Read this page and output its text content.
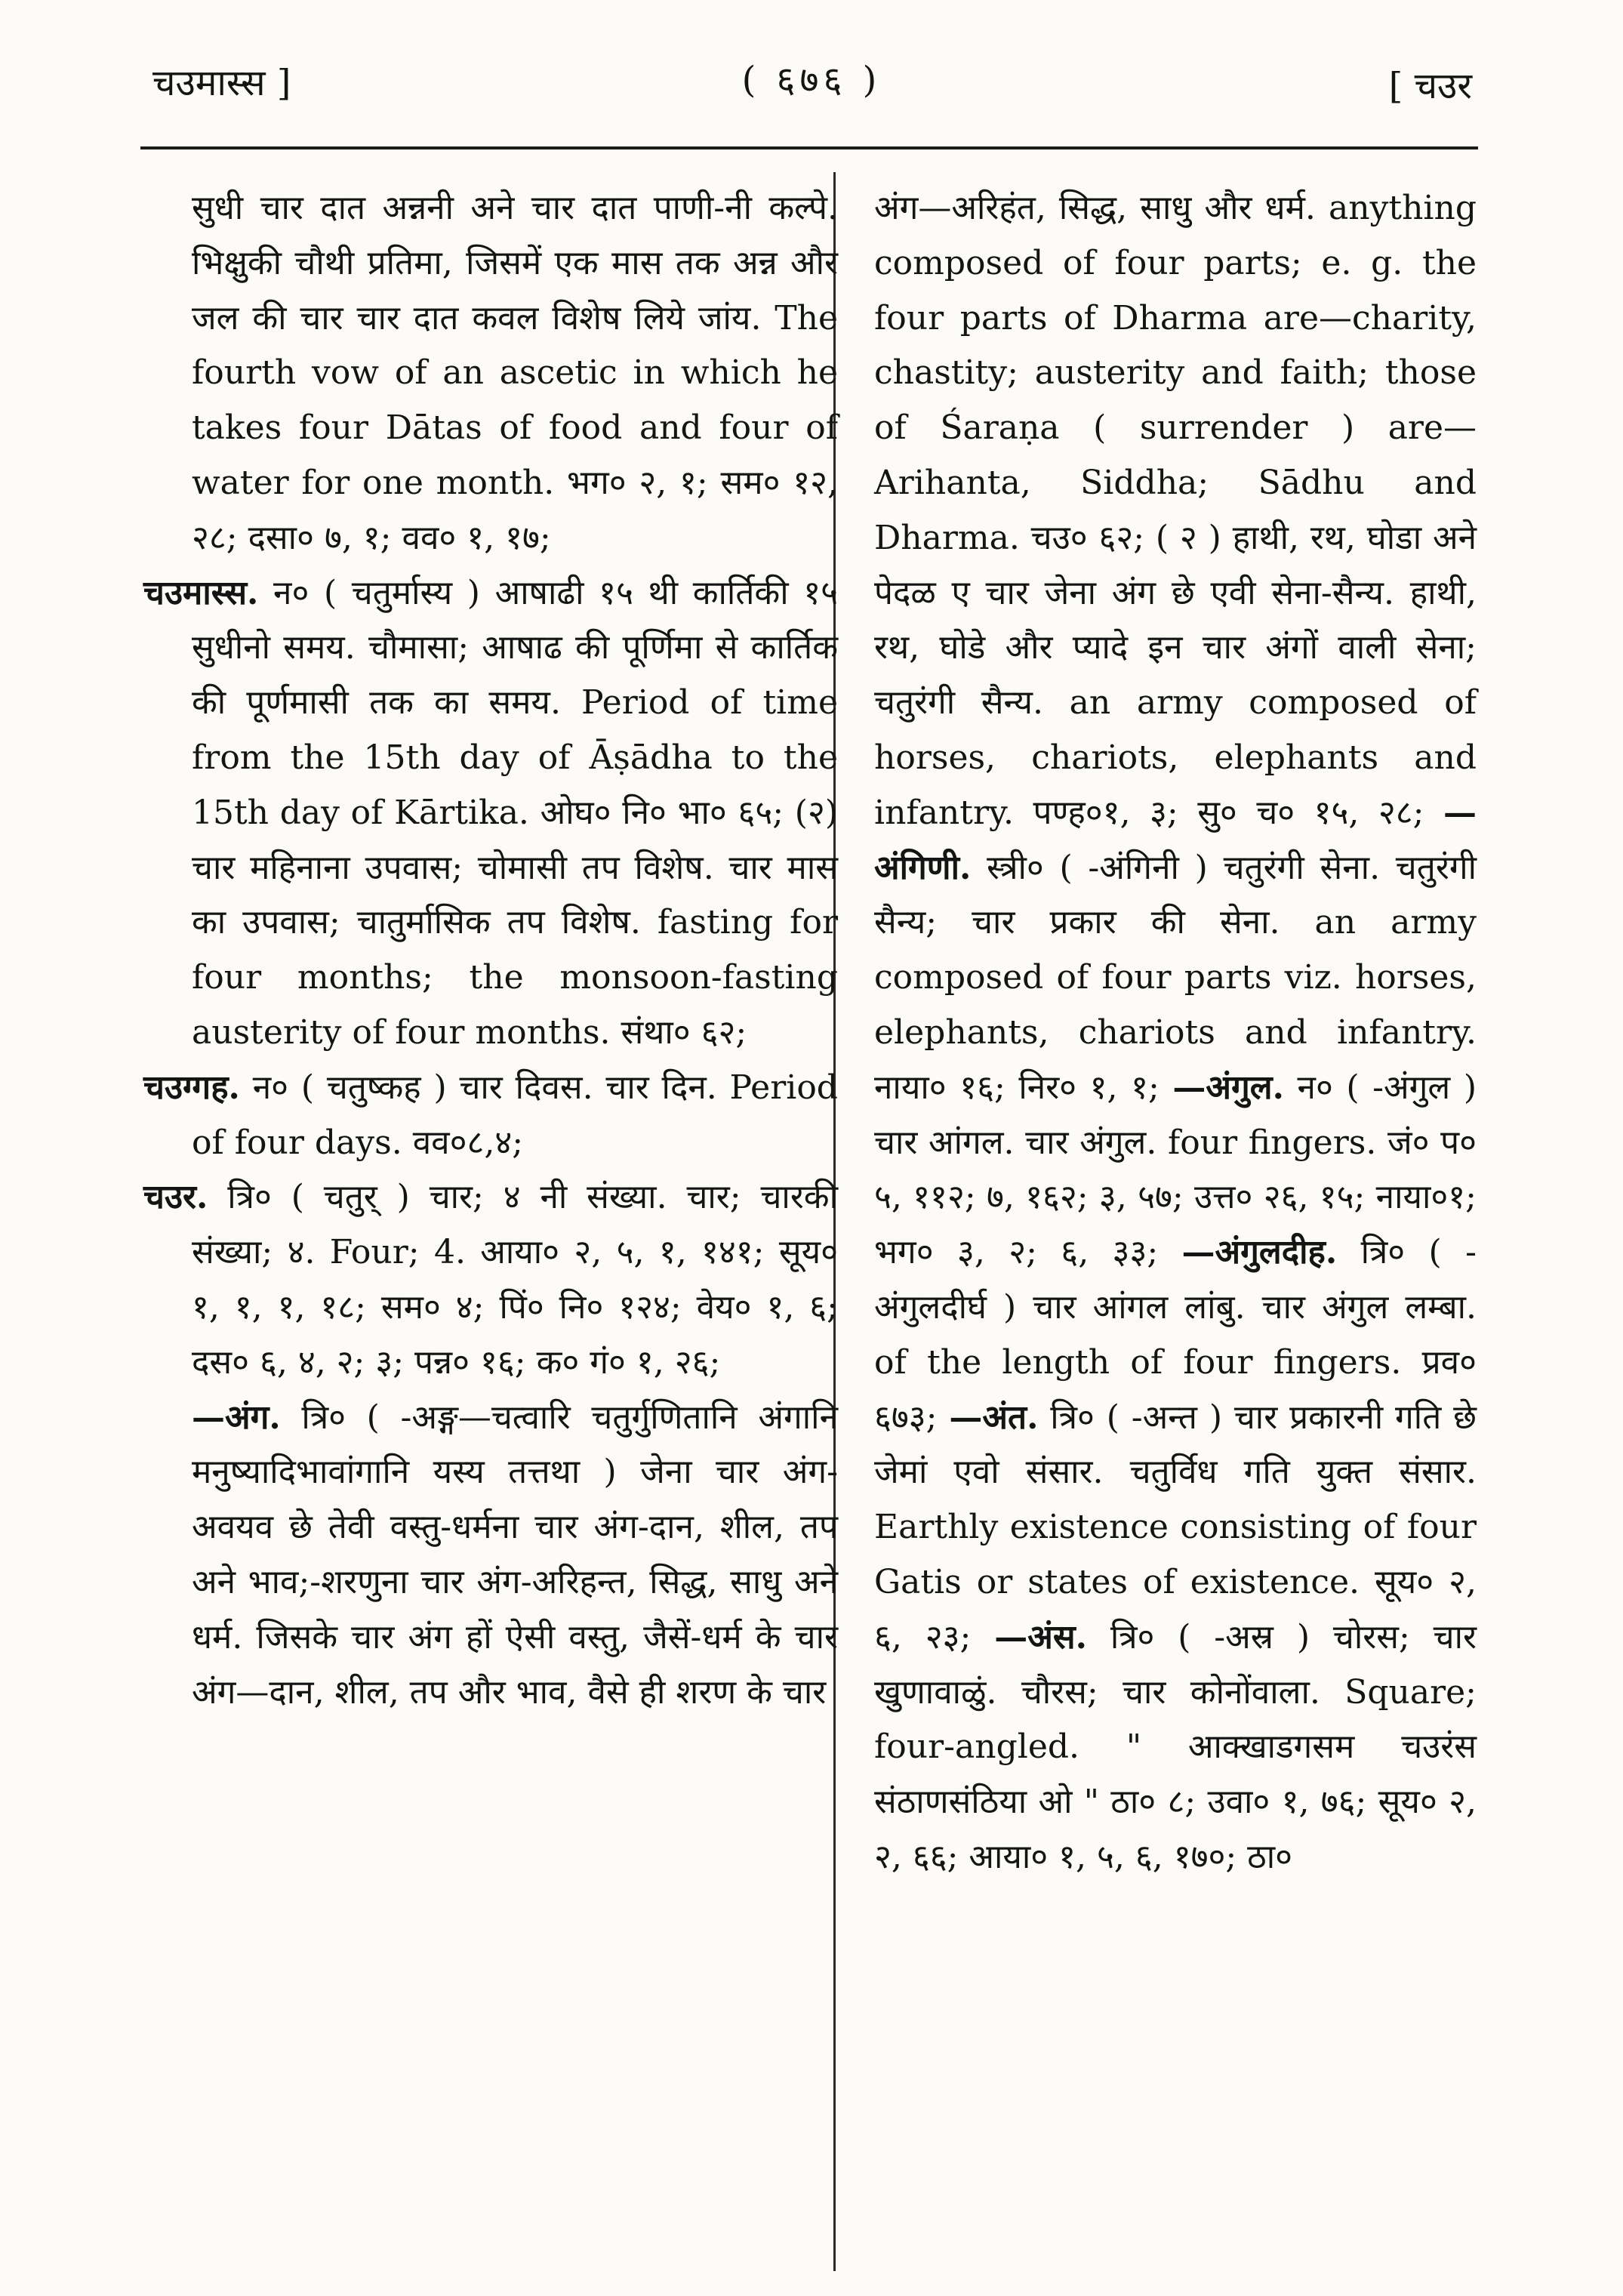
चउमास्स ]	( ६७६ )	[ चउर

सुधी चार दात अन्ननी अने चार दात पाणी-नी कल्पे. भिक्षुकी चौथी प्रतिमा, जिसमें एक मास तक अन्न और जल की चार चार दात कवल विशेष लिये जांय. The fourth vow of an ascetic in which he takes four Dātas of food and four of water for one month. भग० २, १; सम० १२, २८; दसा० ७, १; वव० १, १७;

चउमास्स. न० ( चतुर्मास्य ) आषाढी १५ थी कार्तिकी १५ सुधीनो समय. चौमासा; आषाढ की पूर्णिमा से कार्तिक की पूर्णमासी तक का समय. Period of time from the 15th day of Āṣādha to the 15th day of Kārtika. ओघ० नि० भा० ६५; (२) चार महिनाना उपवास; चोमासी तप विशेष. चार मास का उपवास; चातुर्मासिक तप विशेष. fasting for four months; the monsoon-fasting austerity of four months. संथा० ६२;

चउग्गह. न० ( चतुष्कह ) चार दिवस. चार दिन. Period of four days. वव०८,४;

चउर. त्रि० ( चतुर् ) चार; ४ नी संख्या. चार; चारकी संख्या; ४. Four; 4. आया० २, ५, १, १४१; सूय० १, १, १, १८; सम० ४; पिं० नि० १२४; वेय० १, ६; दस० ६, ४, २; ३; पन्न० १६; क० गं० १, २६;

—अंग. त्रि० ( -अङ्ग—चत्वारि चतुर्गुणितानि अंगानि मनुष्यादिभावांगानि यस्य तत्तथा ) जेना चार अंग-अवयव छे तेवी वस्तु-धर्मना चार अंग-दान, शील, तप अने भाव;-शरणुना चार अंग-अरिहन्त, सिद्ध, साधु अने धर्म. जिसके चार अंग हों ऐसी वस्तु, जैसें-धर्म के चार अंग—दान, शील, तप और भाव, वैसे ही शरण के चार

अंग—अरिहंत, सिद्ध, साधु और धर्म. anything composed of four parts; e. g. the four parts of Dharma are—charity, chastity; austerity and faith; those of Śaraṇa ( surrender ) are—Arihanta, Siddha; Sādhu and Dharma. चउ० ६२; ( २ ) हाथी, रथ, घोडा अने पेदळ ए चार जेना अंग छे एवी सेना-सैन्य. हाथी, रथ, घोडे और प्यादे इन चार अंगों वाली सेना; चतुरंगी सैन्य. an army composed of horses, chariots, elephants and infantry. पण्ह०१, ३; सु० च० १५, २८; —अंगिणी. स्त्री० ( -अंगिनी ) चतुरंगी सेना. चतुरंगी सैन्य; चार प्रकार की सेना. an army composed of four parts viz. horses, elephants, chariots and infantry. नाया० १६; निर० १, १; —अंगुल. न० ( -अंगुल ) चार आंगल. चार अंगुल. four fingers. जं० प० ५, ११२; ७, १६२; ३, ५७; उत्त० २६, १५; नाया०१; भग० ३, २; ६, ३३; —अंगुलदीह. त्रि० ( -अंगुलदीर्घ ) चार आंगल लांबु. चार अंगुल लम्बा. of the length of four fingers. प्रव० ६७३; —अंत. त्रि० ( -अन्त ) चार प्रकारनी गति छे जेमां एवो संसार. चतुर्विध गति युक्त संसार. Earthly existence consisting of four Gatis or states of existence. सूय० २, ६, २३; —अंस. त्रि० ( -अस्र ) चोरस; चार खुणावाळुं. चौरस; चार कोनोंवाला. Square; four-angled. " आक्खाडगसम चउरंस संठाणसंठिया ओ " ठा० ८; उवा० १, ७६; सूय० २, २, ६६; आया० १, ५, ६, १७०; ठा०
